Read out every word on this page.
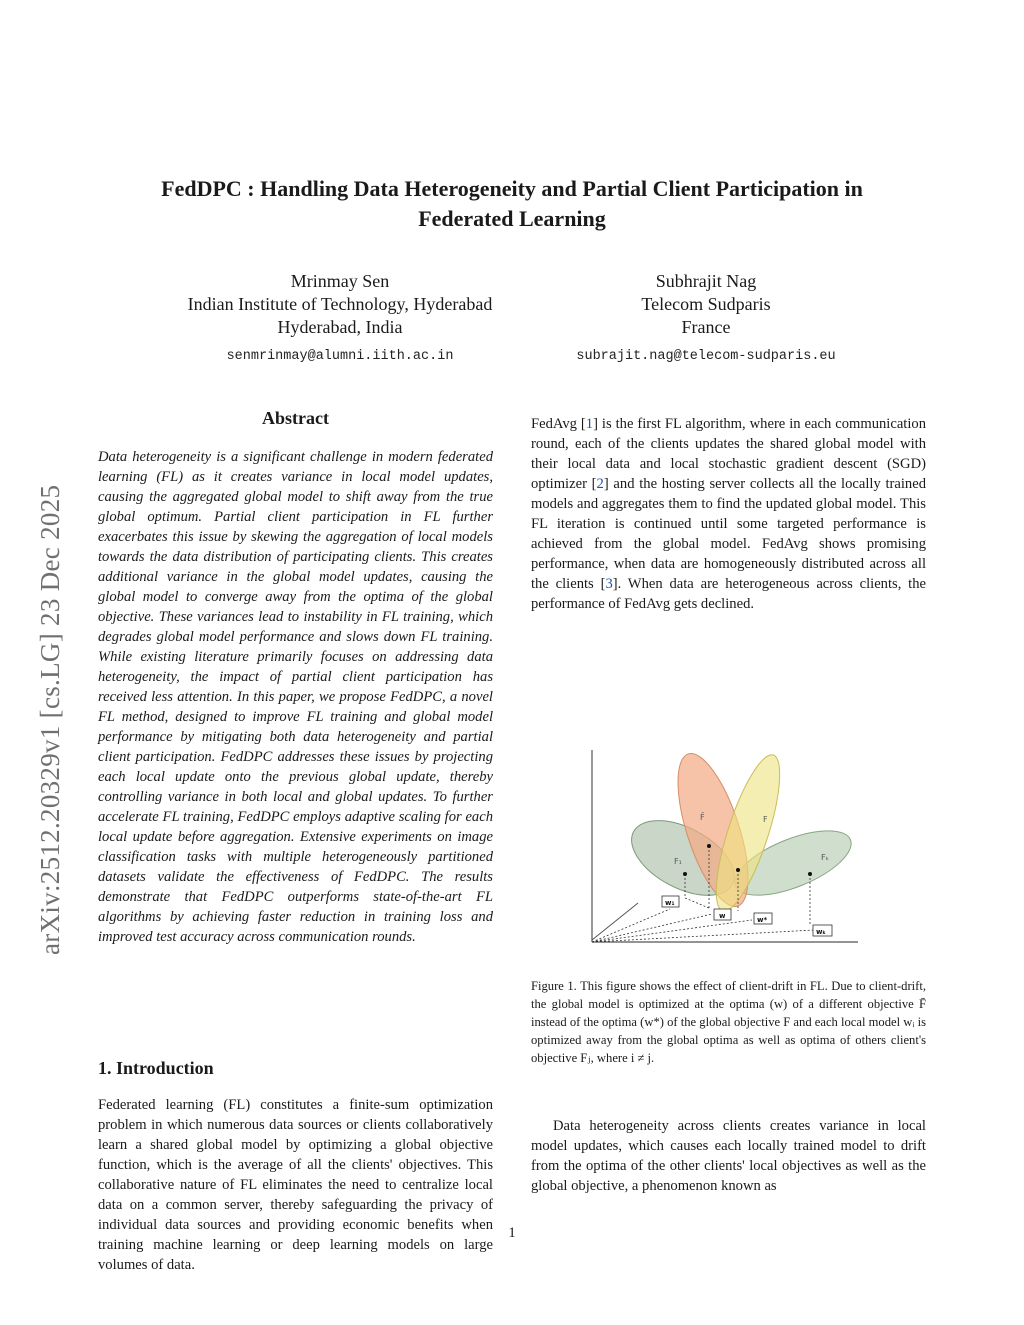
arXiv:2512.20329v1 [cs.LG] 23 Dec 2025
FedDPC : Handling Data Heterogeneity and Partial Client Participation in
Federated Learning
Mrinmay Sen
Indian Institute of Technology, Hyderabad
Hyderabad, India
senmrinmay@alumni.iith.ac.in
Subhrajit Nag
Telecom Sudparis
France
subrajit.nag@telecom-sudparis.eu
Abstract

Data heterogeneity is a significant challenge in modern federated learning (FL) as it creates variance in local model updates, causing the aggregated global model to shift away from the true global optimum. Partial client participation in FL further exacerbates this issue by skewing the aggregation of local models towards the data distribution of participating clients. This creates additional variance in the global model updates, causing the global model to converge away from the optima of the global objective. These variances lead to instability in FL training, which degrades global model performance and slows down FL training. While existing literature primarily focuses on addressing data heterogeneity, the impact of partial client participation has received less attention. In this paper, we propose FedDPC, a novel FL method, designed to improve FL training and global model performance by mitigating both data heterogeneity and partial client participation. FedDPC addresses these issues by projecting each local update onto the previous global update, thereby controlling variance in both local and global updates. To further accelerate FL training, FedDPC employs adaptive scaling for each local update before aggregation. Extensive experiments on image classification tasks with multiple heterogeneously partitioned datasets validate the effectiveness of FedDPC. The results demonstrate that FedDPC outperforms state-of-the-art FL algorithms by achieving faster reduction in training loss and improved test accuracy across communication rounds.

1. Introduction

Federated learning (FL) constitutes a finite-sum optimization problem in which numerous data sources or clients collaboratively learn a shared global model by optimizing a global objective function, which is the average of all the clients' objectives. This collaborative nature of FL eliminates the need to centralize local data on a common server, thereby safeguarding the privacy of individual data sources and providing economic benefits when training machine learning or deep learning models on large volumes of data.

FedAvg [1] is the first FL algorithm, where in each communication round, each of the clients updates the shared global model with their local data and local stochastic gradient descent (SGD) optimizer [2] and the hosting server collects all the locally trained models and aggregates them to find the updated global model. This FL iteration is continued until some targeted performance is achieved from the global model. FedAvg shows promising performance, when data are homogeneously distributed across all the clients [3]. When data are heterogeneous across clients, the performance of FedAvg gets declined.

F̄	F
F₁	Fₖ
w₁
w	w*
wₖ
Figure 1. This figure shows the effect of client-drift in FL. Due to client-drift, the global model is optimized at the optima (w) of a different objective F̄ instead of the optima (w*) of the global objective F and each local model wᵢ is optimized away from the global optima as well as optima of others client's objective Fⱼ, where i ≠ j.

Data heterogeneity across clients creates variance in local model updates, which causes each locally trained model to drift from the optima of the other clients' local objectives as well as the global objective, a phenomenon known as

1
